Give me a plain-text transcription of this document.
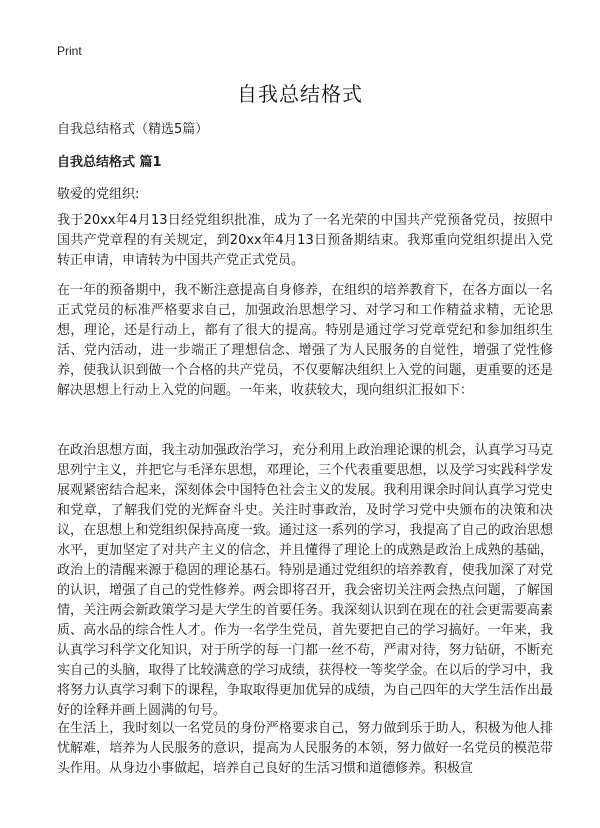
Print
自我总结格式
自我总结格式（精选5篇）
自我总结格式 篇1
敬爱的党组织:

我于20xx年4月13日经党组织批准，成为了一名光荣的中国共产党预备党员，按照中国共产党章程的有关规定，到20xx年4月13日预备期结束。我郑重向党组织提出入党转正申请，申请转为中国共产党正式党员。

在一年的预备期中，我不断注意提高自身修养，在组织的培养教育下，在各方面以一名正式党员的标准严格要求自己，加强政治思想学习、对学习和工作精益求精，无论思想，理论，还是行动上，都有了很大的提高。特别是通过学习党章党纪和参加组织生活、党内活动，进一步端正了理想信念、增强了为人民服务的自觉性，增强了党性修养，使我认识到做一个合格的共产党员，不仅要解决组织上入党的问题，更重要的还是解决思想上行动上入党的问题。一年来，收获较大，现向组织汇报如下：

在政治思想方面，我主动加强政治学习，充分利用上政治理论课的机会，认真学习马克思列宁主义，并把它与毛泽东思想，邓理论，三个代表重要思想，以及学习实践科学发展观紧密结合起来，深刻体会中国特色社会主义的发展。我利用课余时间认真学习党史和党章，了解我们党的光辉奋斗史。关注时事政治，及时学习党中央颁布的决策和决议，在思想上和党组织保持高度一致。通过这一系列的学习，我提高了自己的政治思想水平，更加坚定了对共产主义的信念，并且懂得了理论上的成熟是政治上成熟的基础，政治上的清醒来源于稳固的理论基石。特别是通过党组织的培养教育，使我加深了对党的认识，增强了自己的党性修养。两会即将召开，我会密切关注两会热点问题，了解国情，关注两会新政策学习是大学生的首要任务。我深刻认识到在现在的社会更需要高素质、高水品的综合性人才。作为一名学生党员，首先要把自己的学习搞好。一年来，我认真学习科学文化知识，对于所学的每一门都一丝不苟，严肃对待，努力钻研，不断充实自己的头脑，取得了比较满意的学习成绩，获得校一等奖学金。在以后的学习中，我将努力认真学习剩下的课程，争取取得更加优异的成绩，为自己四年的大学生活作出最好的诠释并画上圆满的句号。

在生活上，我时刻以一名党员的身份严格要求自己，努力做到乐于助人，积极为他人排忧解难，培养为人民服务的意识，提高为人民服务的本领，努力做好一名党员的模范带头作用。从身边小事做起，培养自己良好的生活习惯和道德修养。积极宣
